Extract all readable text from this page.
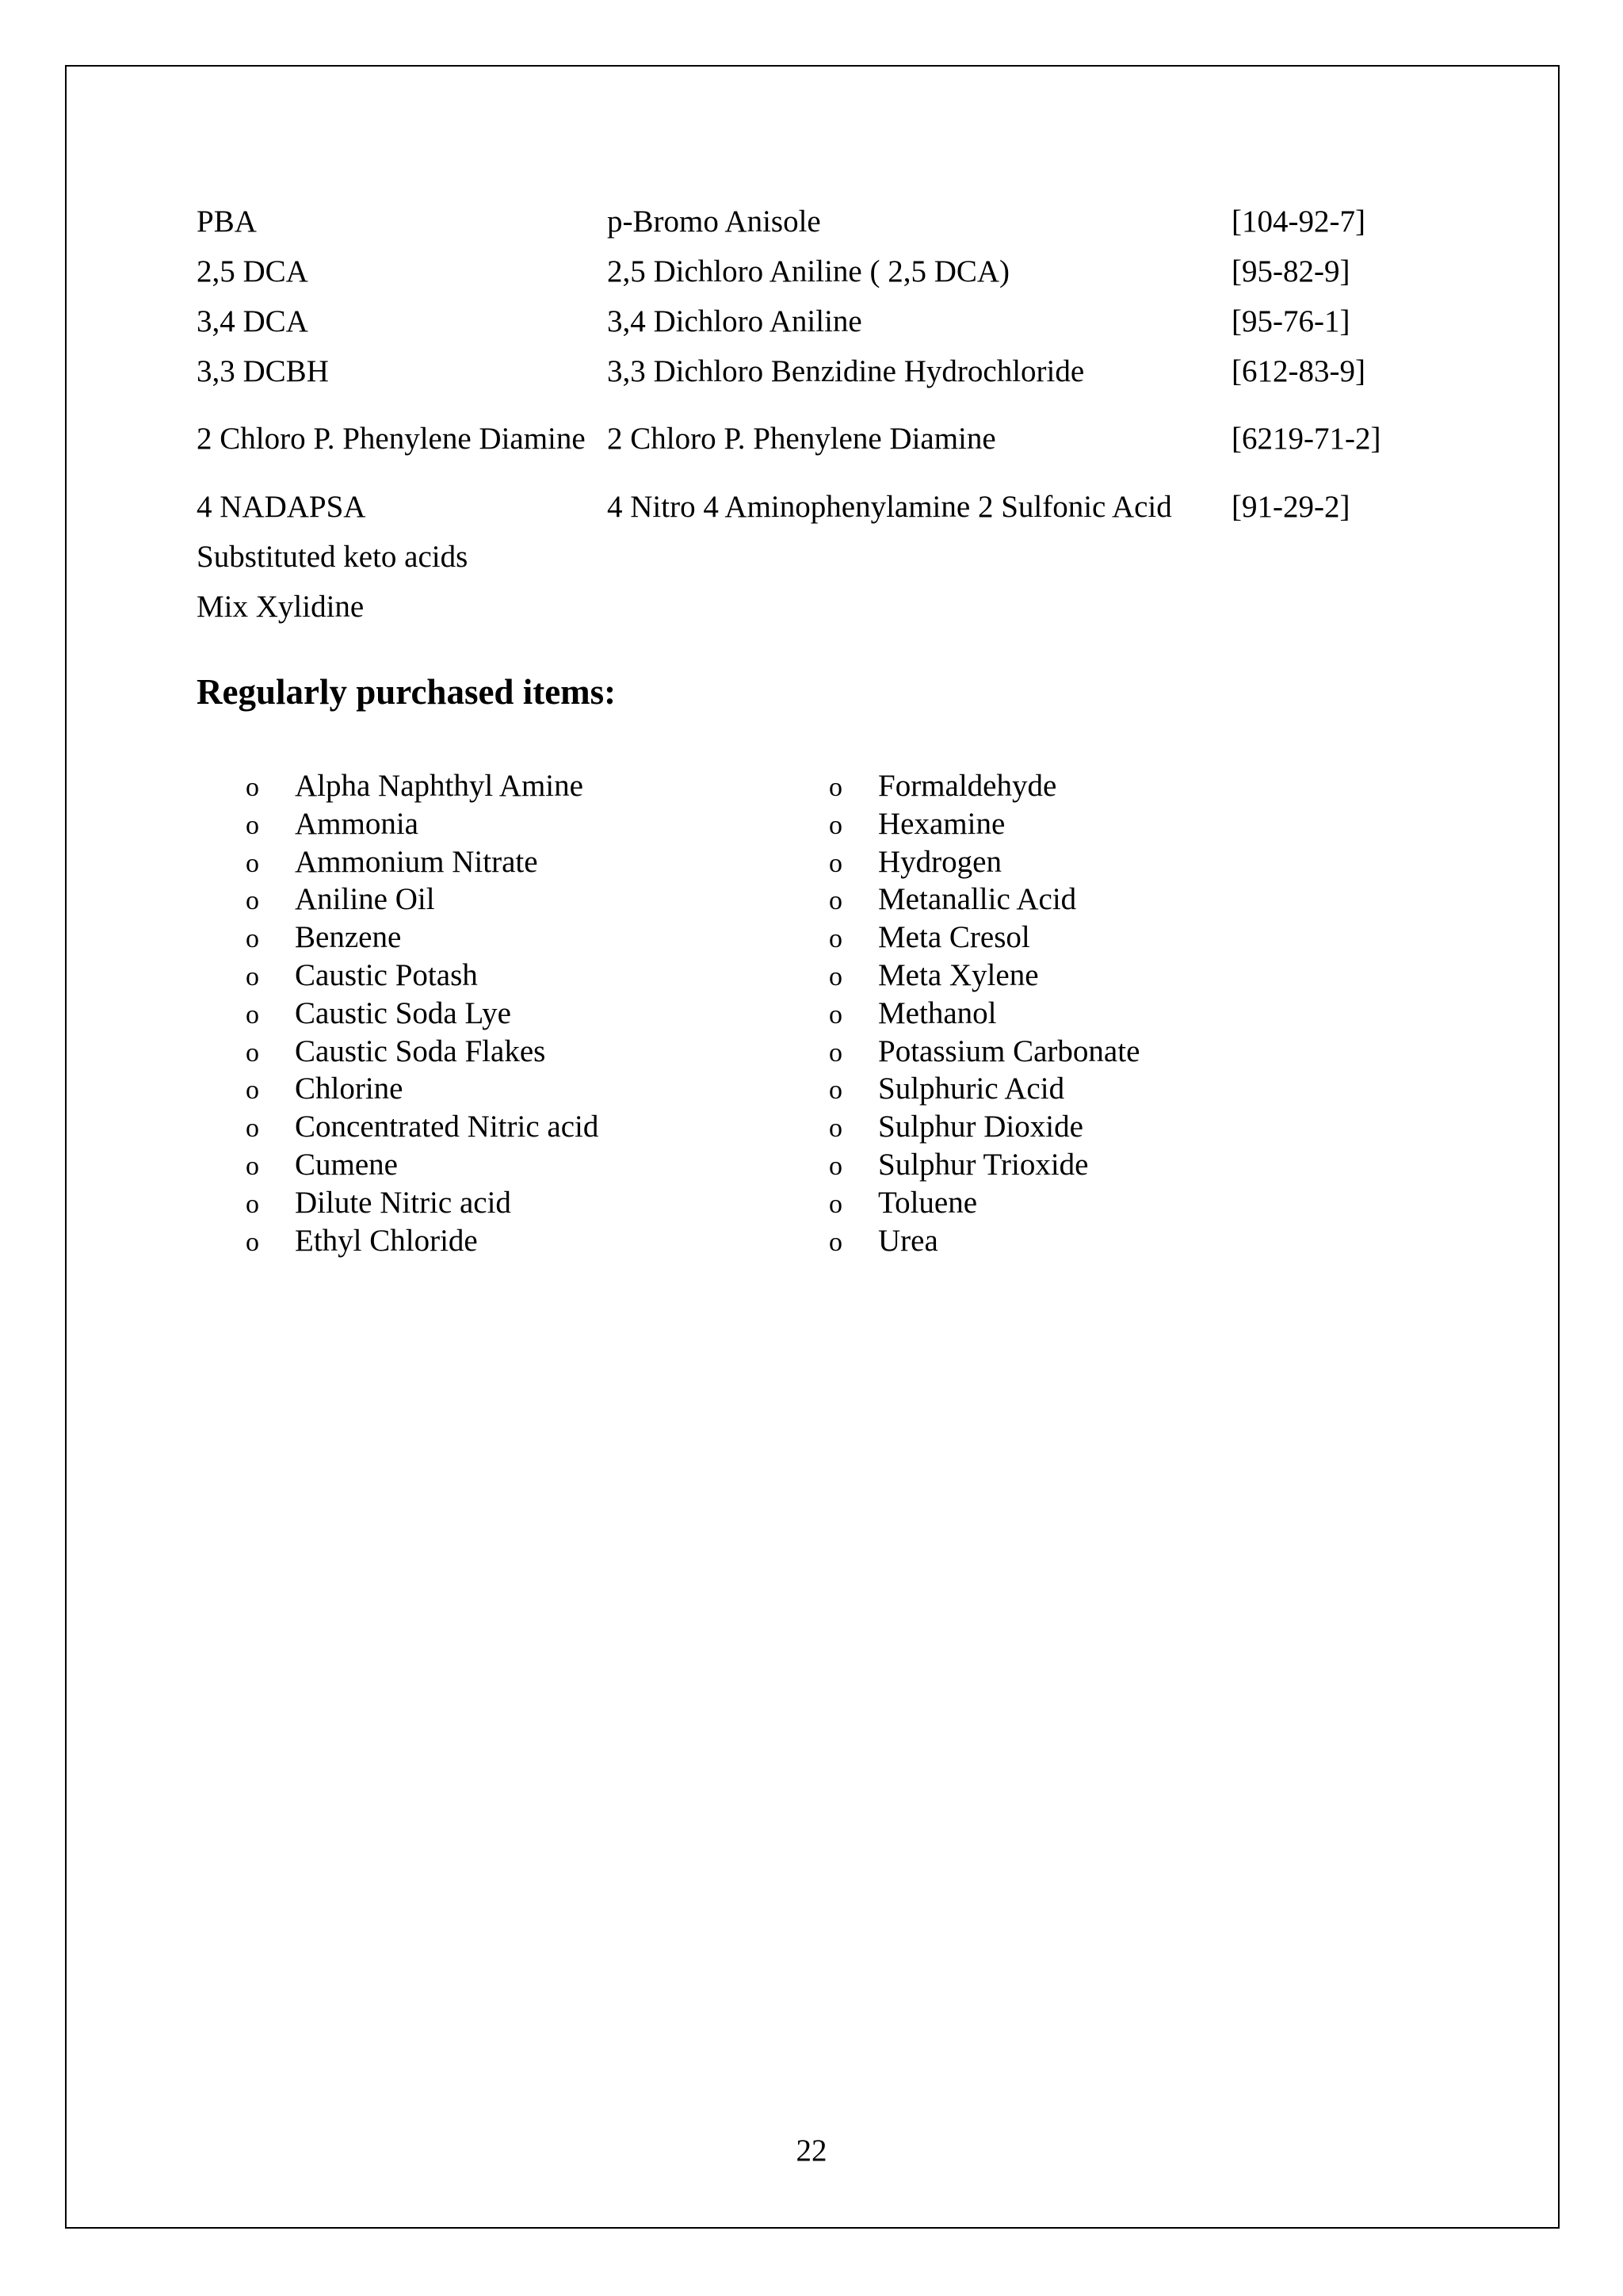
PBA	p-Bromo Anisole	[104-92-7]
2,5 DCA	2,5 Dichloro Aniline ( 2,5 DCA)	[95-82-9]
3,4 DCA	3,4 Dichloro Aniline	[95-76-1]
3,3 DCBH	3,3 Dichloro Benzidine Hydrochloride	[612-83-9]
2 Chloro P. Phenylene Diamine	2 Chloro P. Phenylene Diamine	[6219-71-2]
4 NADAPSA	4 Nitro 4 Aminophenylamine 2 Sulfonic Acid	[91-29-2]
Substituted keto acids		
Mix Xylidine		
Regularly purchased items:
o Alpha Naphthyl Amine
o Ammonia
o Ammonium Nitrate
o Aniline Oil
o Benzene
o Caustic Potash
o Caustic Soda Lye
o Caustic Soda Flakes
o Chlorine
o Concentrated Nitric acid
o Cumene
o Dilute Nitric acid
o Ethyl Chloride
o Formaldehyde
o Hexamine
o Hydrogen
o Metanallic Acid
o Meta Cresol
o Meta Xylene
o Methanol
o Potassium Carbonate
o Sulphuric Acid
o Sulphur Dioxide
o Sulphur Trioxide
o Toluene
o Urea
22
